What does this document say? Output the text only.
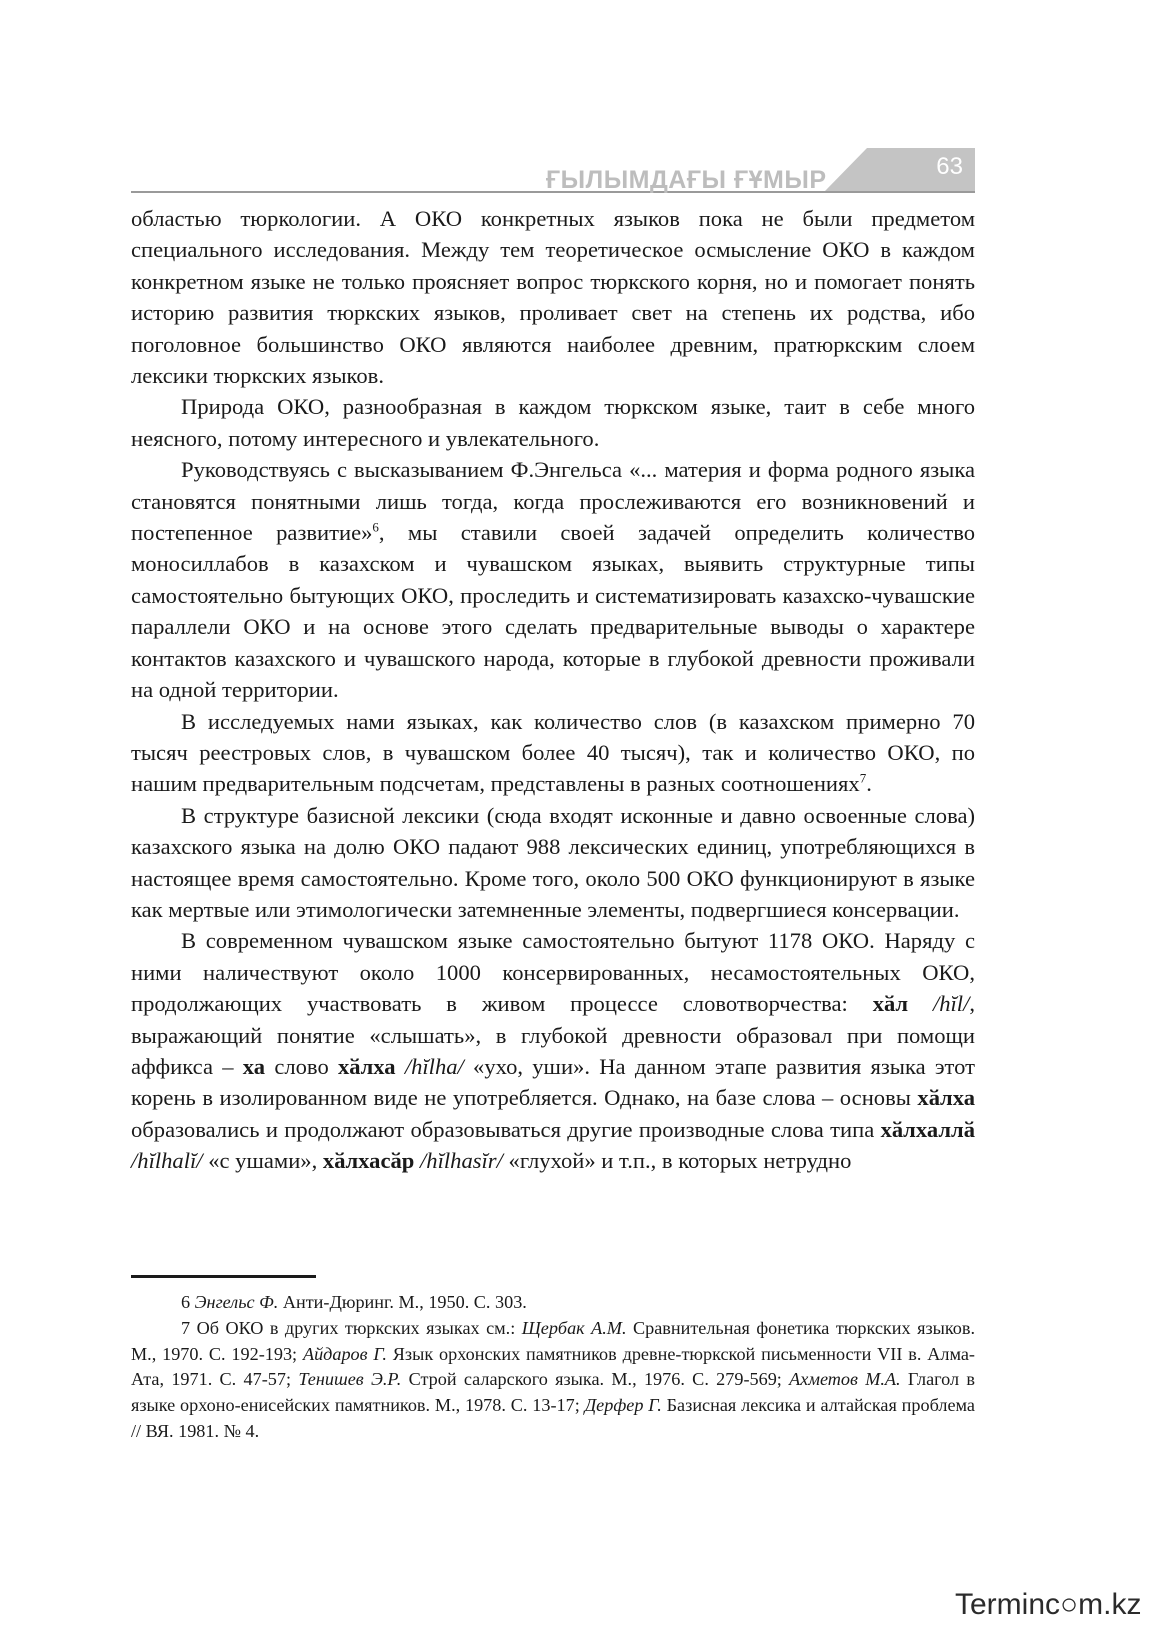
ҒЫЛЫМДАҒЫ ҒҰМЫР	63

областью тюркологии. А ОКО конкретных языков пока не были предметом специального исследования. Между тем теоретическое осмысление ОКО в каждом конкретном языке не только проясняет вопрос тюркского корня, но и помогает понять историю развития тюркских языков, проливает свет на степень их родства, ибо поголовное большинство ОКО являются наиболее древним, пратюркским слоем лексики тюркских языков.

Природа ОКО, разнообразная в каждом тюркском языке, таит в себе много неясного, потому интересного и увлекательного.

Руководствуясь с высказыванием Ф.Энгельса «... материя и форма родного языка становятся понятными лишь тогда, когда прослеживаются его возникновений и постепенное развитие»$^6$, мы ставили своей задачей определить количество моносиллабов в казахском и чувашском языках, выявить структурные типы самостоятельно бытующих ОКО, проследить и систематизировать казахско-чувашские параллели ОКО и на основе этого сделать предварительные выводы о характере контактов казахского и чувашского народа, которые в глубокой древности проживали на одной территории.

В исследуемых нами языках, как количество слов (в казахском примерно 70 тысяч реестровых слов, в чувашском более 40 тысяч), так и количество ОКО, по нашим предварительным подсчетам, представлены в разных соотношениях$^7$.

В структуре базисной лексики (сюда входят исконные и давно освоенные слова) казахского языка на долю ОКО падают 988 лексических единиц, употребляющихся в настоящее время самостоятельно. Кроме того, около 500 ОКО функционируют в языке как мертвые или этимологически затемненные элементы, подвергшиеся консервации.

В современном чувашском языке самостоятельно бытуют 1178 ОКО. Наряду с ними наличествуют около 1000 консервированных, несамостоятельных ОКО, продолжающих участвовать в живом процессе словотворчества: хӑл /hĭl/, выражающий понятие «слышать», в глубокой древности образовал при помощи аффикса – ха слово хӑлха /hĭlha/ «ухо, уши». На данном этапе развития языка этот корень в изолированном виде не употребляется. Однако, на базе слова – основы хӑлха образовались и продолжают образовываться другие производные слова типа хӑлхаллӑ /hĭlhalĭ/ «с ушами», хӑлхасӑр /hĭlhasĭr/ «глухой» и т.п., в которых нетрудно

6 Энгельс Ф. Анти-Дюринг. М., 1950. С. 303.

7 Об ОКО в других тюркских языках см.: Щербак А.М. Сравнительная фонетика тюркских языков. М., 1970. С. 192-193; Айдаров Г. Язык орхонских памятников древне-тюркской письменности VII в. Алма-Ата, 1971. С. 47-57; Тенишев Э.Р. Строй саларского языка. М., 1976. С. 279-569; Ахметов М.А. Глагол в языке орхоно-енисейских памятников. М., 1978. С. 13-17; Дерфер Г. Базисная лексика и алтайская проблема // ВЯ. 1981. № 4.

Terminc○m.kz
